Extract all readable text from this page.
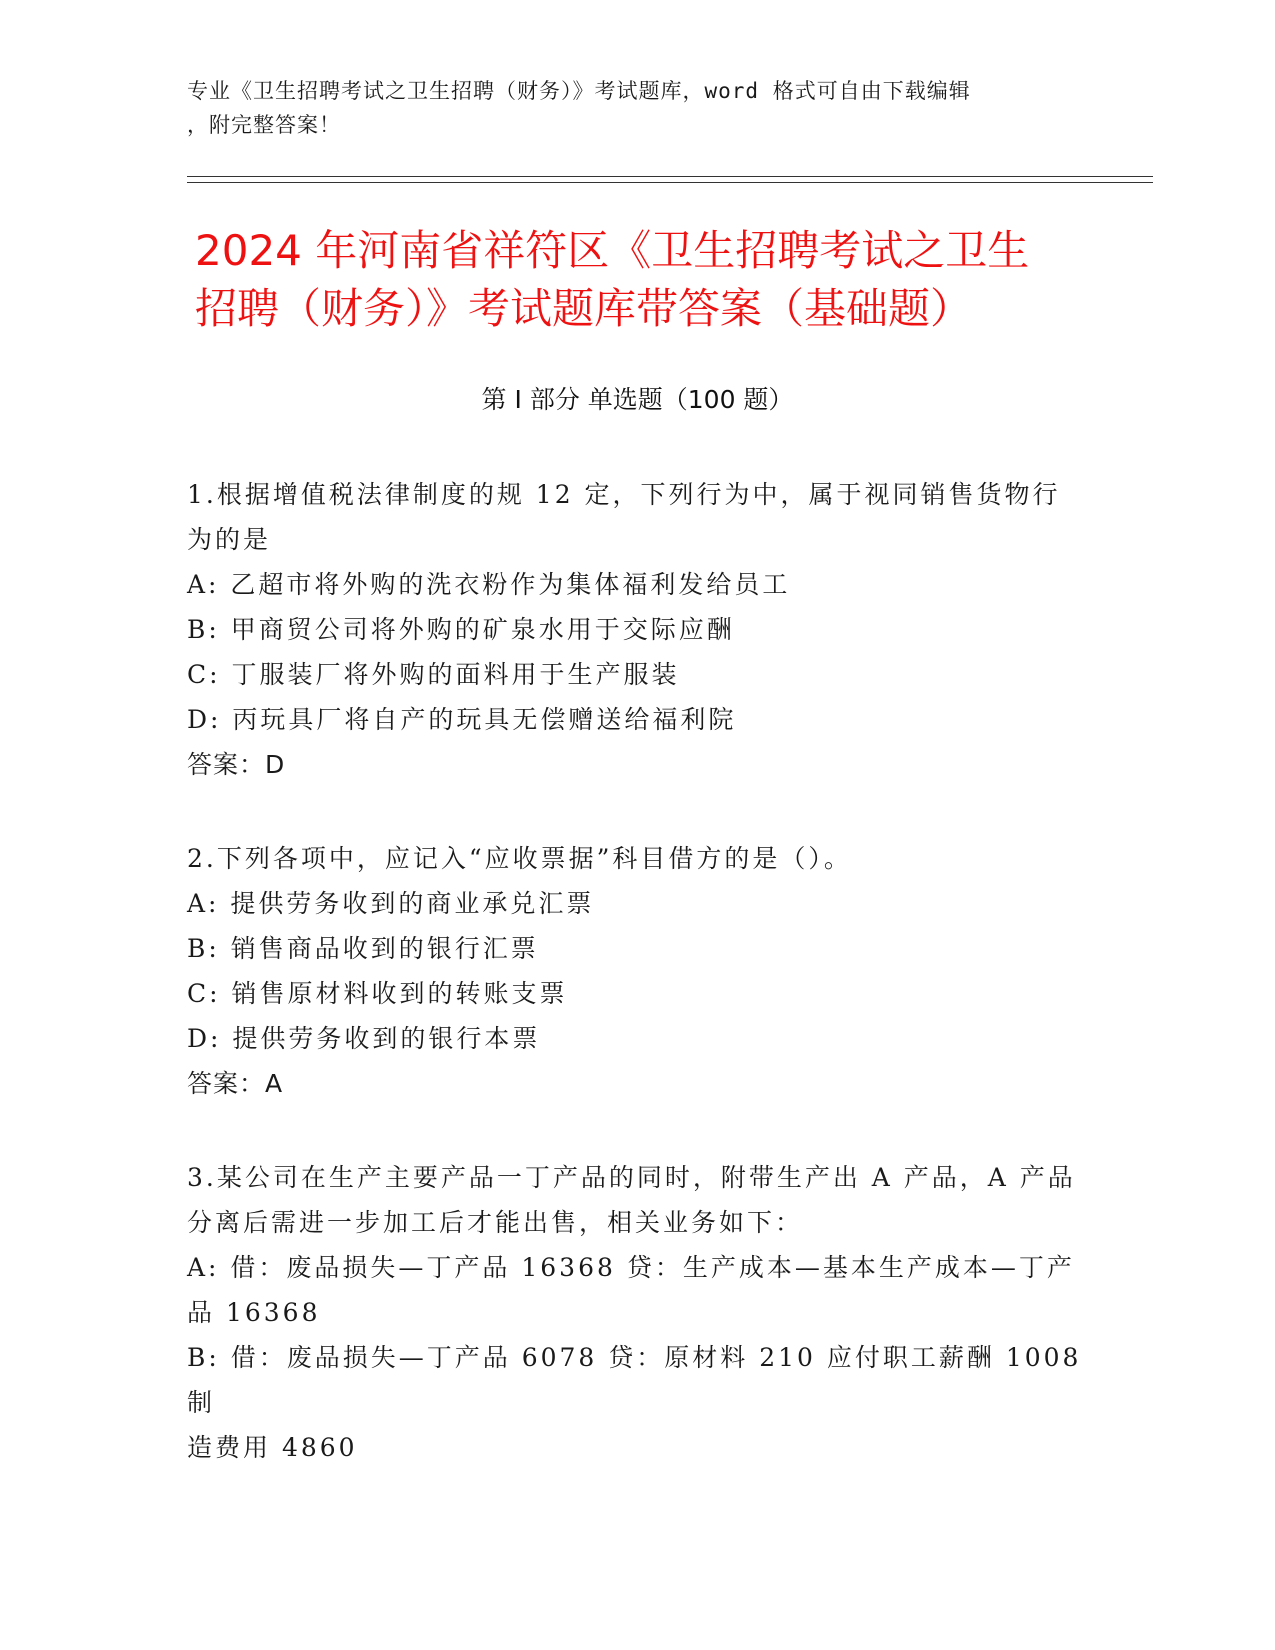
专业《卫生招聘考试之卫生招聘（财务）》考试题库，word 格式可自由下载编辑

，附完整答案！

2024 年河南省祥符区《卫生招聘考试之卫生

招聘（财务）》考试题库带答案（基础题）

第 I 部分 单选题（100 题）

1.根据增值税法律制度的规 12 定，下列行为中，属于视同销售货物行

为的是

A: 乙超市将外购的洗衣粉作为集体福利发给员工

B: 甲商贸公司将外购的矿泉水用于交际应酬

C: 丁服装厂将外购的面料用于生产服装

D: 丙玩具厂将自产的玩具无偿赠送给福利院

答案：D

2.下列各项中，应记入“应收票据”科目借方的是（）。

A: 提供劳务收到的商业承兑汇票

B: 销售商品收到的银行汇票

C: 销售原材料收到的转账支票

D: 提供劳务收到的银行本票

答案：A

3.某公司在生产主要产品一丁产品的同时，附带生产出 A 产品，A 产品

分离后需进一步加工后才能出售，相关业务如下：

A: 借：废品损失—丁产品 16368 贷：生产成本—基本生产成本—丁产

品 16368

B: 借：废品损失—丁产品 6078 贷：原材料 210 应付职工薪酬 1008 制

造费用 4860
